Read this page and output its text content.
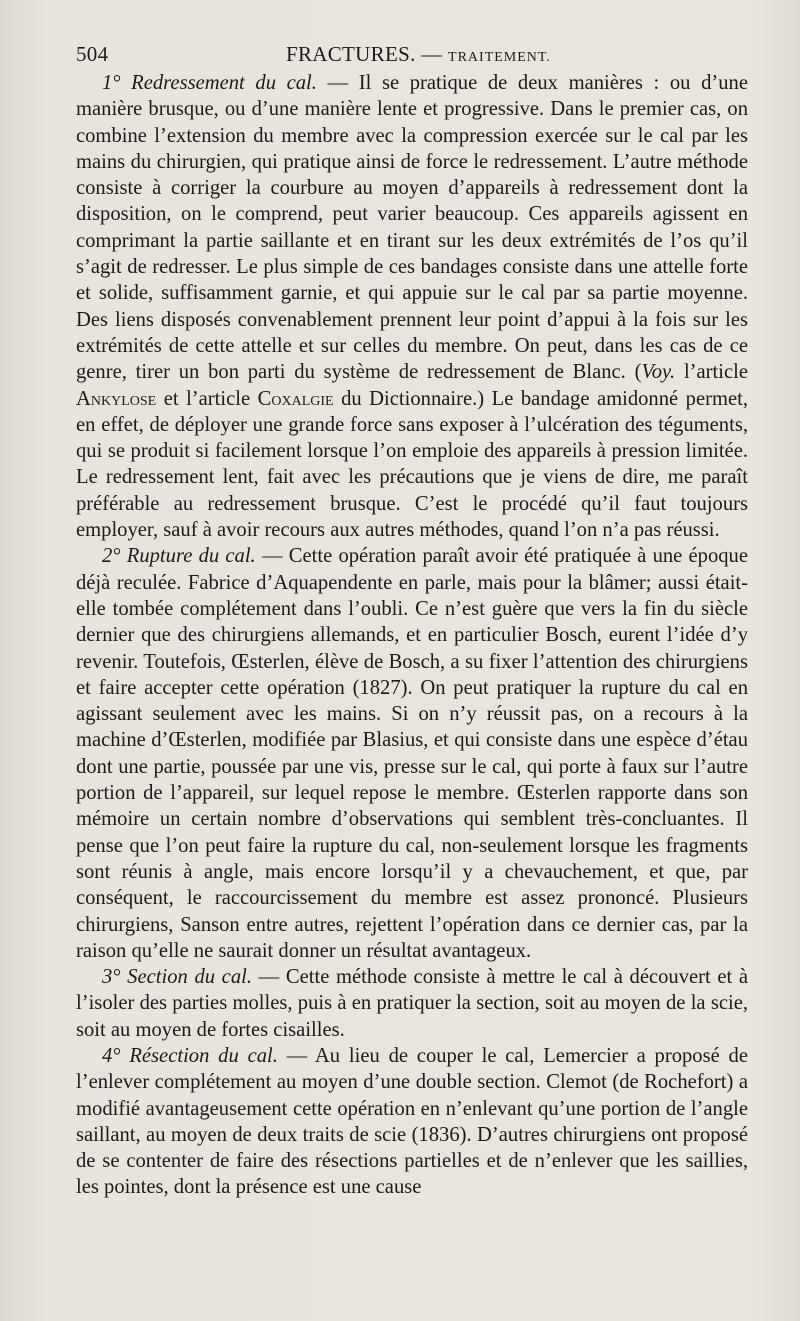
504	FRACTURES. — TRAITEMENT.

1° Redressement du cal. — Il se pratique de deux manières : ou d’une manière brusque, ou d’une manière lente et progressive. Dans le premier cas, on combine l’extension du membre avec la compression exercée sur le cal par les mains du chirurgien, qui pratique ainsi de force le redressement. L’autre méthode consiste à corriger la courbure au moyen d’appareils à redressement dont la disposition, on le comprend, peut varier beaucoup. Ces appareils agissent en comprimant la partie saillante et en tirant sur les deux extrémités de l’os qu’il s’agit de redresser. Le plus simple de ces bandages consiste dans une attelle forte et solide, suffisamment garnie, et qui appuie sur le cal par sa partie moyenne. Des liens disposés convenablement prennent leur point d’appui à la fois sur les extrémités de cette attelle et sur celles du membre. On peut, dans les cas de ce genre, tirer un bon parti du système de redressement de Blanc. (Voy. l’article Ankylose et l’article Coxalgie du Dictionnaire.) Le bandage amidonné permet, en effet, de déployer une grande force sans exposer à l’ulcération des téguments, qui se produit si facilement lorsque l’on emploie des appareils à pression limitée. Le redressement lent, fait avec les précautions que je viens de dire, me paraît préférable au redressement brusque. C’est le procédé qu’il faut toujours employer, sauf à avoir recours aux autres méthodes, quand l’on n’a pas réussi.

2° Rupture du cal. — Cette opération paraît avoir été pratiquée à une époque déjà reculée. Fabrice d’Aquapendente en parle, mais pour la blâmer; aussi était-elle tombée complétement dans l’oubli. Ce n’est guère que vers la fin du siècle dernier que des chirurgiens allemands, et en particulier Bosch, eurent l’idée d’y revenir. Toutefois, Œsterlen, élève de Bosch, a su fixer l’attention des chirurgiens et faire accepter cette opération (1827). On peut pratiquer la rupture du cal en agissant seulement avec les mains. Si on n’y réussit pas, on a recours à la machine d’Œsterlen, modifiée par Blasius, et qui consiste dans une espèce d’étau dont une partie, poussée par une vis, presse sur le cal, qui porte à faux sur l’autre portion de l’appareil, sur lequel repose le membre. Œsterlen rapporte dans son mémoire un certain nombre d’observations qui semblent très-concluantes. Il pense que l’on peut faire la rupture du cal, non-seulement lorsque les fragments sont réunis à angle, mais encore lorsqu’il y a chevauchement, et que, par conséquent, le raccourcissement du membre est assez prononcé. Plusieurs chirurgiens, Sanson entre autres, rejettent l’opération dans ce dernier cas, par la raison qu’elle ne saurait donner un résultat avantageux.

3° Section du cal. — Cette méthode consiste à mettre le cal à découvert et à l’isoler des parties molles, puis à en pratiquer la section, soit au moyen de la scie, soit au moyen de fortes cisailles.

4° Résection du cal. — Au lieu de couper le cal, Lemercier a proposé de l’enlever complétement au moyen d’une double section. Clemot (de Rochefort) a modifié avantageusement cette opération en n’enlevant qu’une portion de l’angle saillant, au moyen de deux traits de scie (1836). D’autres chirurgiens ont proposé de se contenter de faire des résections partielles et de n’enlever que les saillies, les pointes, dont la présence est une cause
